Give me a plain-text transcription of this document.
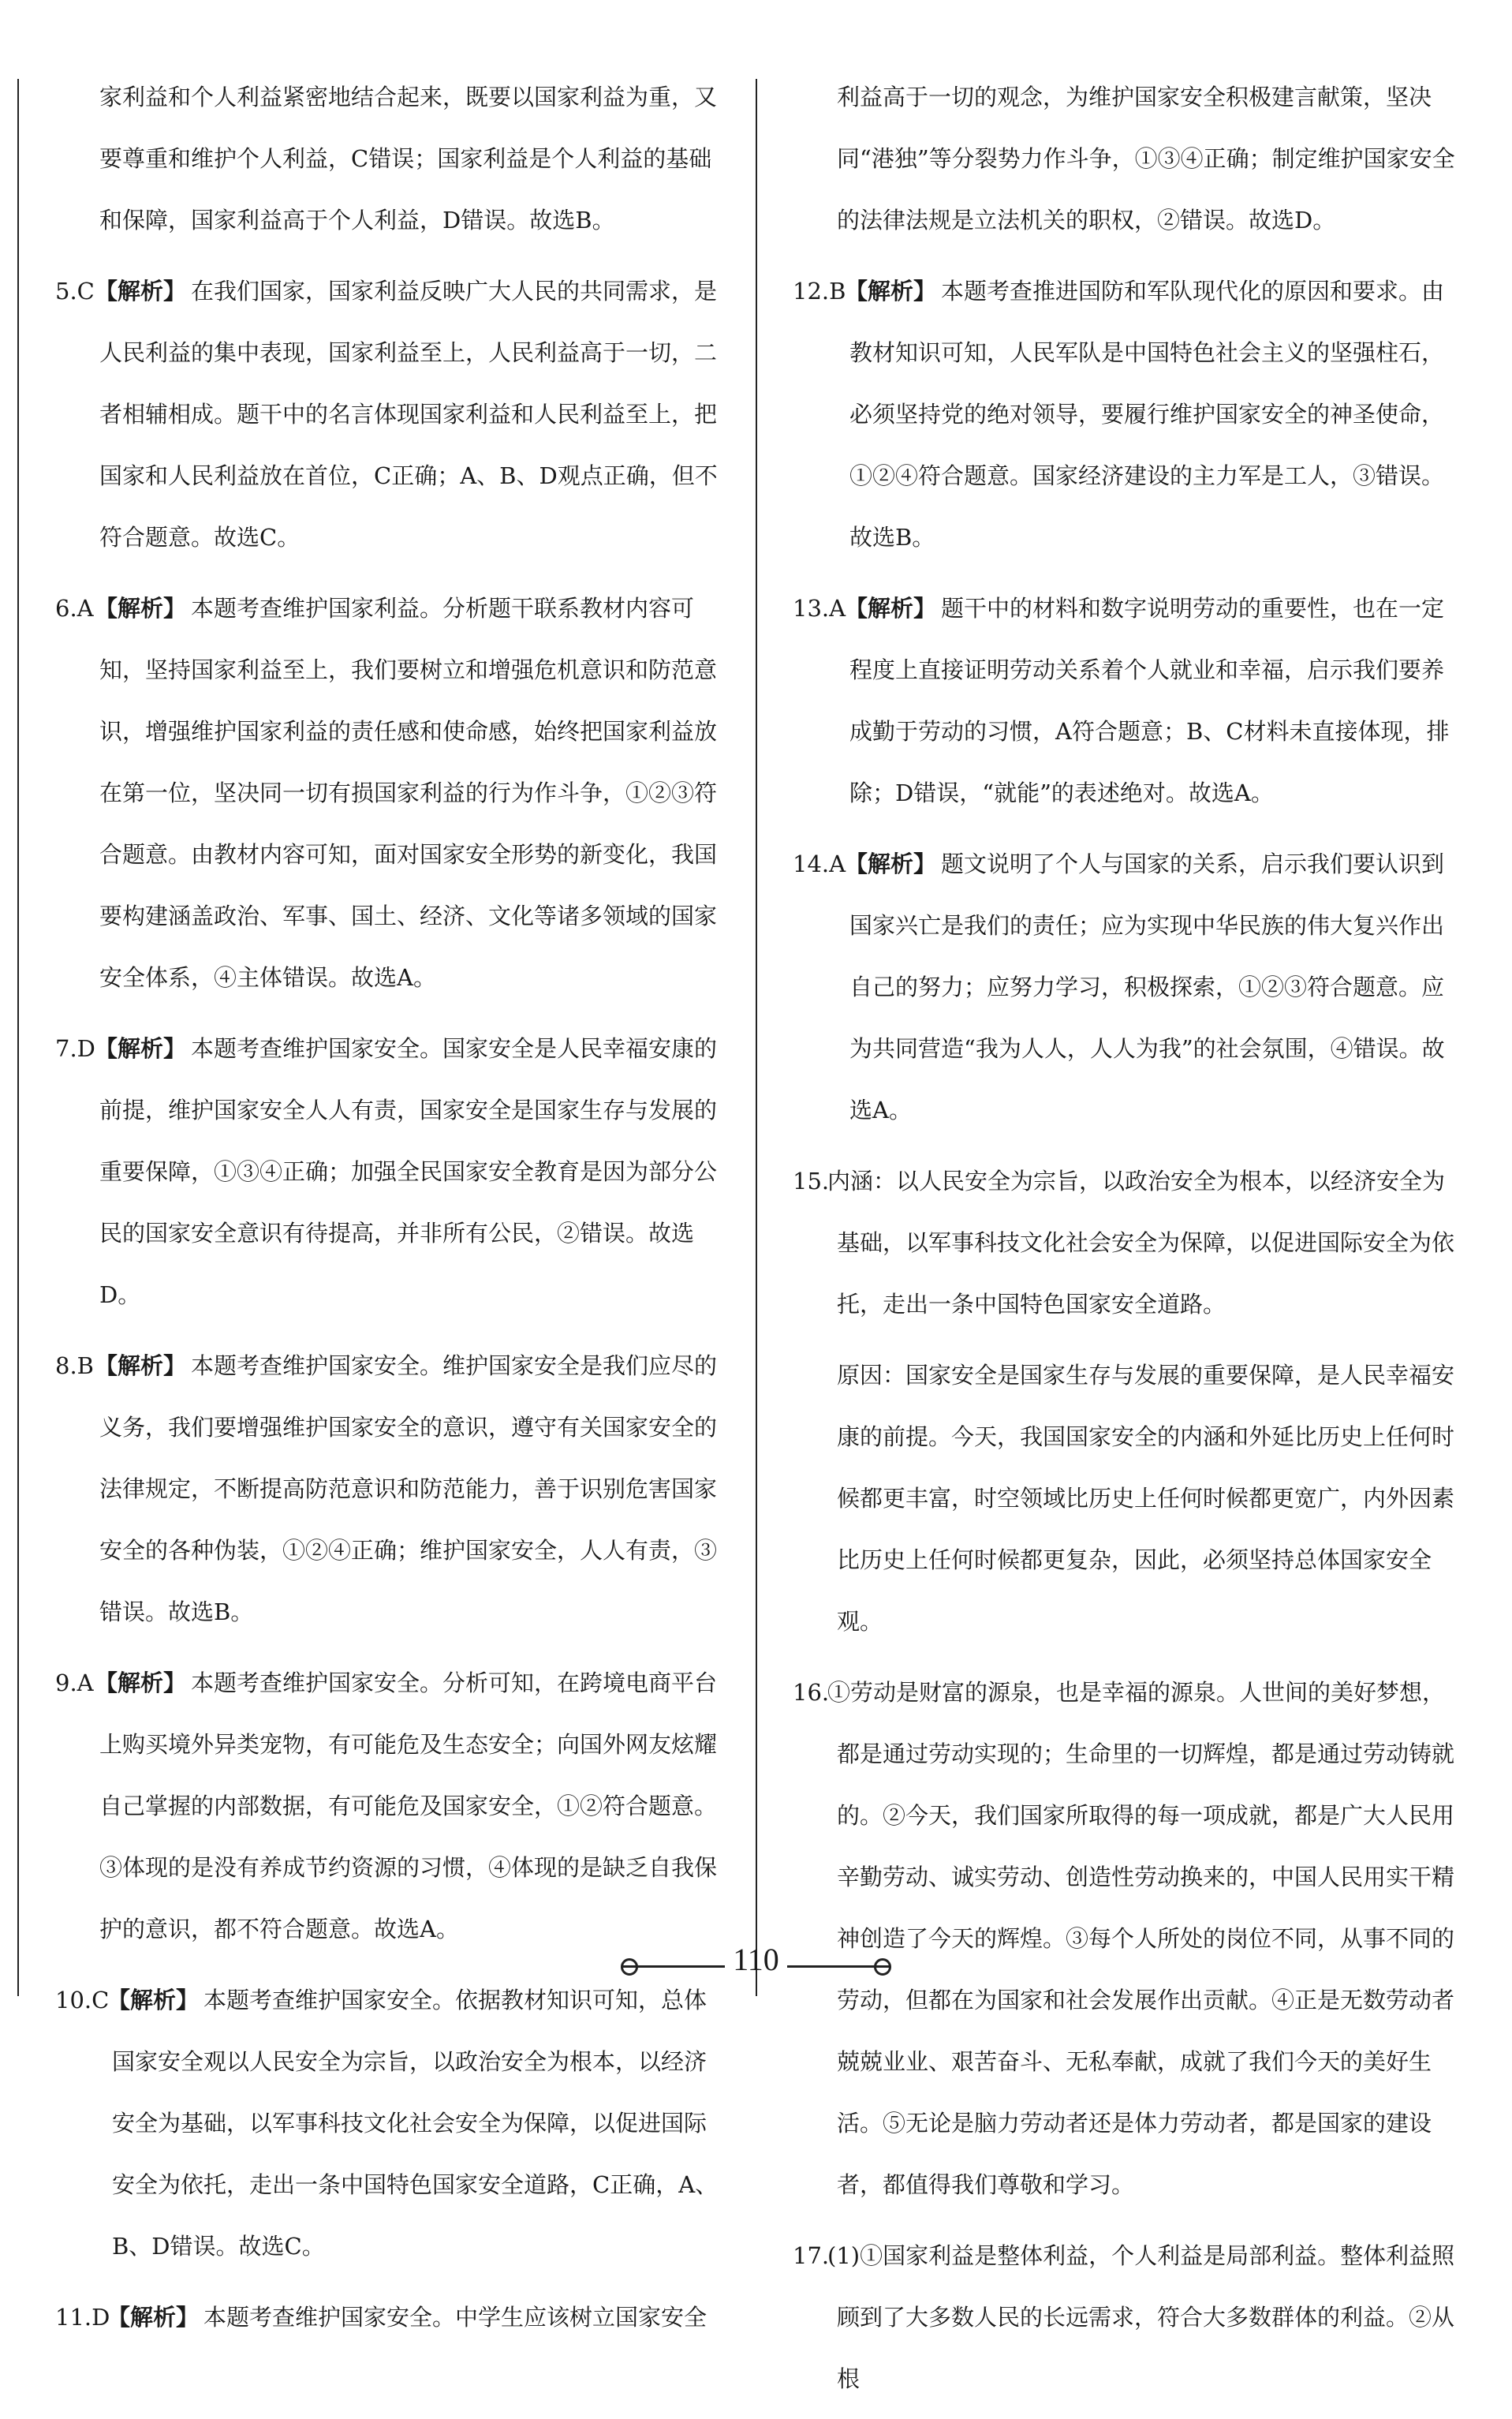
家利益和个人利益紧密地结合起来，既要以国家利益为重，又要尊重和维护个人利益，C错误；国家利益是个人利益的基础和保障，国家利益高于个人利益，D错误。故选B。
5.C【解析】 在我们国家，国家利益反映广大人民的共同需求，是人民利益的集中表现，国家利益至上，人民利益高于一切，二者相辅相成。题干中的名言体现国家利益和人民利益至上，把国家和人民利益放在首位，C正确；A、B、D观点正确，但不符合题意。故选C。
6.A【解析】 本题考查维护国家利益。分析题干联系教材内容可知，坚持国家利益至上，我们要树立和增强危机意识和防范意识，增强维护国家利益的责任感和使命感，始终把国家利益放在第一位，坚决同一切有损国家利益的行为作斗争，①②③符合题意。由教材内容可知，面对国家安全形势的新变化，我国要构建涵盖政治、军事、国土、经济、文化等诸多领域的国家安全体系，④主体错误。故选A。
7.D【解析】 本题考查维护国家安全。国家安全是人民幸福安康的前提，维护国家安全人人有责，国家安全是国家生存与发展的重要保障，①③④正确；加强全民国家安全教育是因为部分公民的国家安全意识有待提高，并非所有公民，②错误。故选D。
8.B【解析】 本题考查维护国家安全。维护国家安全是我们应尽的义务，我们要增强维护国家安全的意识，遵守有关国家安全的法律规定，不断提高防范意识和防范能力，善于识别危害国家安全的各种伪装，①②④正确；维护国家安全，人人有责，③错误。故选B。
9.A【解析】 本题考查维护国家安全。分析可知，在跨境电商平台上购买境外异类宠物，有可能危及生态安全；向国外网友炫耀自己掌握的内部数据，有可能危及国家安全，①②符合题意。③体现的是没有养成节约资源的习惯，④体现的是缺乏自我保护的意识，都不符合题意。故选A。
10.C【解析】 本题考查维护国家安全。依据教材知识可知，总体国家安全观以人民安全为宗旨，以政治安全为根本，以经济安全为基础，以军事科技文化社会安全为保障，以促进国际安全为依托，走出一条中国特色国家安全道路，C正确，A、B、D错误。故选C。
11.D【解析】 本题考查维护国家安全。中学生应该树立国家安全
利益高于一切的观念，为维护国家安全积极建言献策，坚决同“港独”等分裂势力作斗争，①③④正确；制定维护国家安全的法律法规是立法机关的职权，②错误。故选D。
12.B【解析】 本题考查推进国防和军队现代化的原因和要求。由教材知识可知，人民军队是中国特色社会主义的坚强柱石，必须坚持党的绝对领导，要履行维护国家安全的神圣使命，①②④符合题意。国家经济建设的主力军是工人，③错误。故选B。
13.A【解析】 题干中的材料和数字说明劳动的重要性，也在一定程度上直接证明劳动关系着个人就业和幸福，启示我们要养成勤于劳动的习惯，A符合题意；B、C材料未直接体现，排除；D错误，“就能”的表述绝对。故选A。
14.A【解析】 题文说明了个人与国家的关系，启示我们要认识到国家兴亡是我们的责任；应为实现中华民族的伟大复兴作出自己的努力；应努力学习，积极探索，①②③符合题意。应为共同营造“我为人人，人人为我”的社会氛围，④错误。故选A。
15.内涵：以人民安全为宗旨，以政治安全为根本，以经济安全为基础，以军事科技文化社会安全为保障，以促进国际安全为依托，走出一条中国特色国家安全道路。
原因：国家安全是国家生存与发展的重要保障，是人民幸福安康的前提。今天，我国国家安全的内涵和外延比历史上任何时候都更丰富，时空领域比历史上任何时候都更宽广，内外因素比历史上任何时候都更复杂，因此，必须坚持总体国家安全观。
16.①劳动是财富的源泉，也是幸福的源泉。人世间的美好梦想，都是通过劳动实现的；生命里的一切辉煌，都是通过劳动铸就的。②今天，我们国家所取得的每一项成就，都是广大人民用辛勤劳动、诚实劳动、创造性劳动换来的，中国人民用实干精神创造了今天的辉煌。③每个人所处的岗位不同，从事不同的劳动，但都在为国家和社会发展作出贡献。④正是无数劳动者兢兢业业、艰苦奋斗、无私奉献，成就了我们今天的美好生活。⑤无论是脑力劳动者还是体力劳动者，都是国家的建设者，都值得我们尊敬和学习。
17.(1)①国家利益是整体利益，个人利益是局部利益。整体利益照顾到了大多数人民的长远需求，符合大多数群体的利益。②从根
110
